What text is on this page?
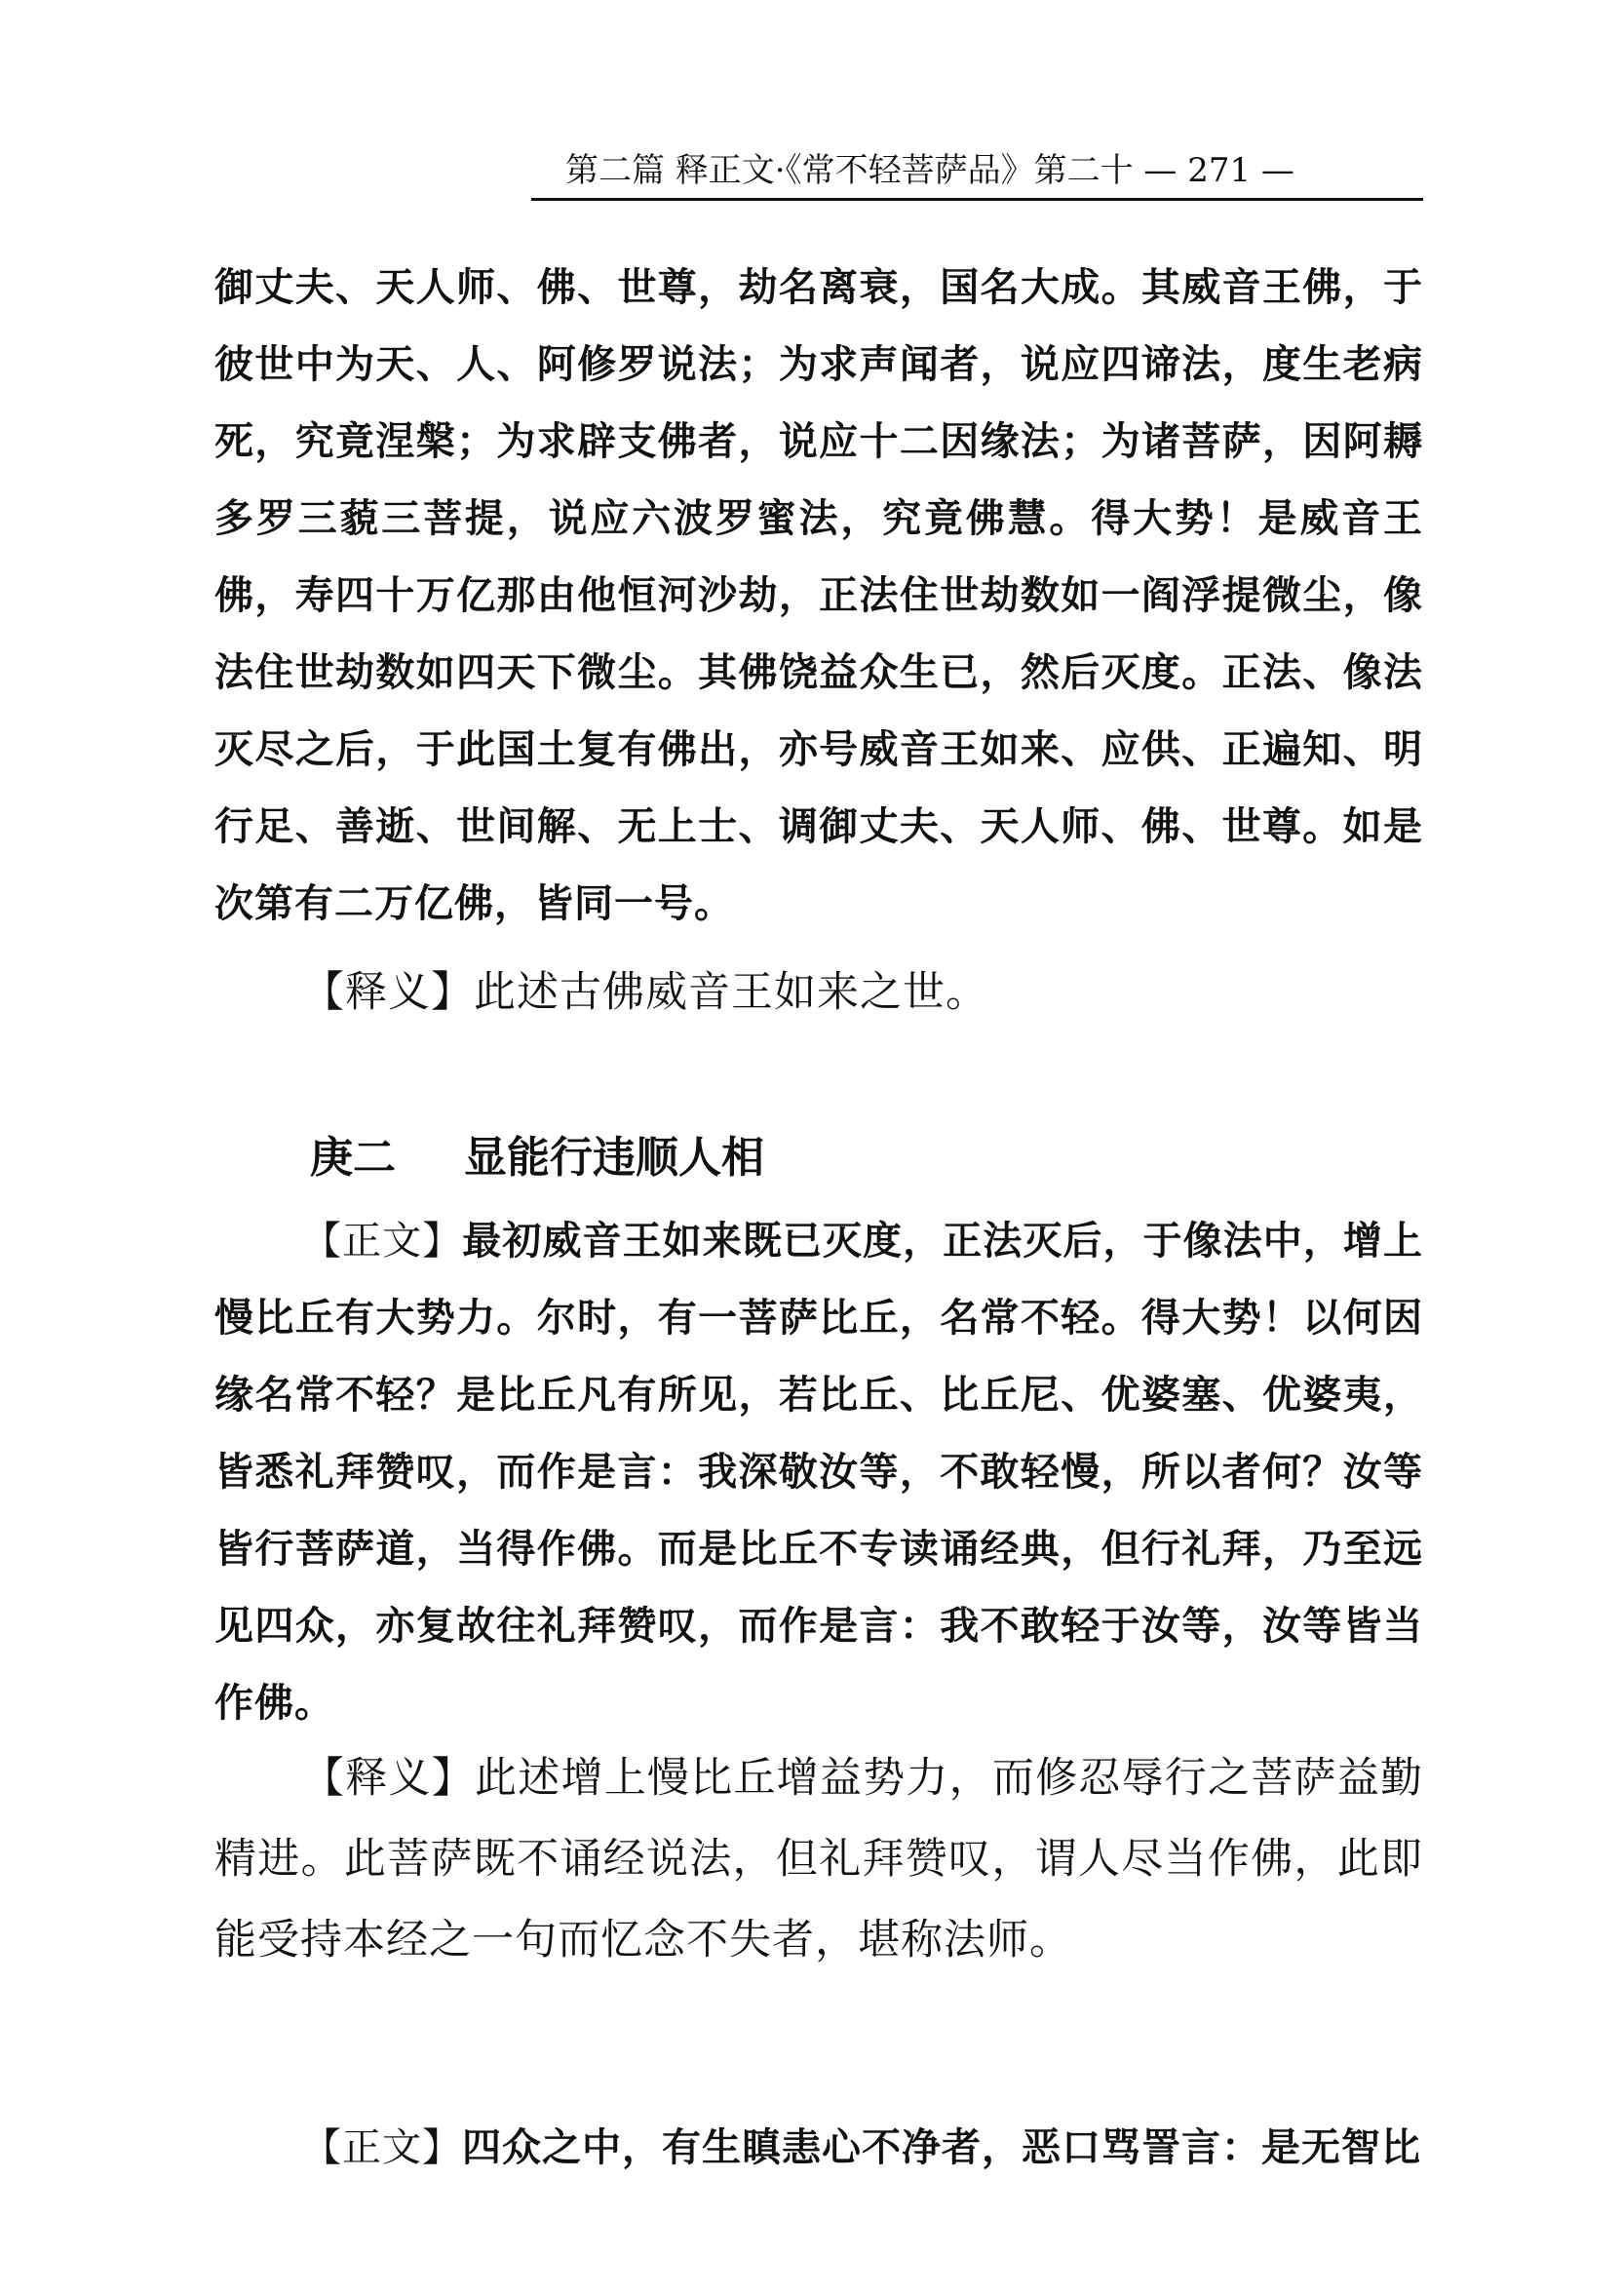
第二篇 释正文·《常不轻菩萨品》第二十 — 271 —

御丈夫、天人师、佛、世尊，劫名离衰，国名大成。其威音王佛，于彼世中为天、人、阿修罗说法；为求声闻者，说应四谛法，度生老病死，究竟涅槃；为求辟支佛者，说应十二因缘法；为诸菩萨，因阿耨多罗三藐三菩提，说应六波罗蜜法，究竟佛慧。得大势！是威音王佛，寿四十万亿那由他恒河沙劫，正法住世劫数如一阎浮提微尘，像法住世劫数如四天下微尘。其佛饶益众生已，然后灭度。正法、像法灭尽之后，于此国土复有佛出，亦号威音王如来、应供、正遍知、明行足、善逝、世间解、无上士、调御丈夫、天人师、佛、世尊。如是次第有二万亿佛，皆同一号。

【释义】此述古佛威音王如来之世。

庚二 显能行违顺人相

【正文】最初威音王如来既已灭度，正法灭后，于像法中，增上慢比丘有大势力。尔时，有一菩萨比丘，名常不轻。得大势！以何因缘名常不轻？是比丘凡有所见，若比丘、比丘尼、优婆塞、优婆夷，皆悉礼拜赞叹，而作是言：我深敬汝等，不敢轻慢，所以者何？汝等皆行菩萨道，当得作佛。而是比丘不专读诵经典，但行礼拜，乃至远见四众，亦复故往礼拜赞叹，而作是言：我不敢轻于汝等，汝等皆当作佛。

【释义】此述增上慢比丘增益势力，而修忍辱行之菩萨益勤精进。此菩萨既不诵经说法，但礼拜赞叹，谓人尽当作佛，此即能受持本经之一句而忆念不失者，堪称法师。

【正文】四众之中，有生瞋恚心不净者，恶口骂詈言：是无智比
